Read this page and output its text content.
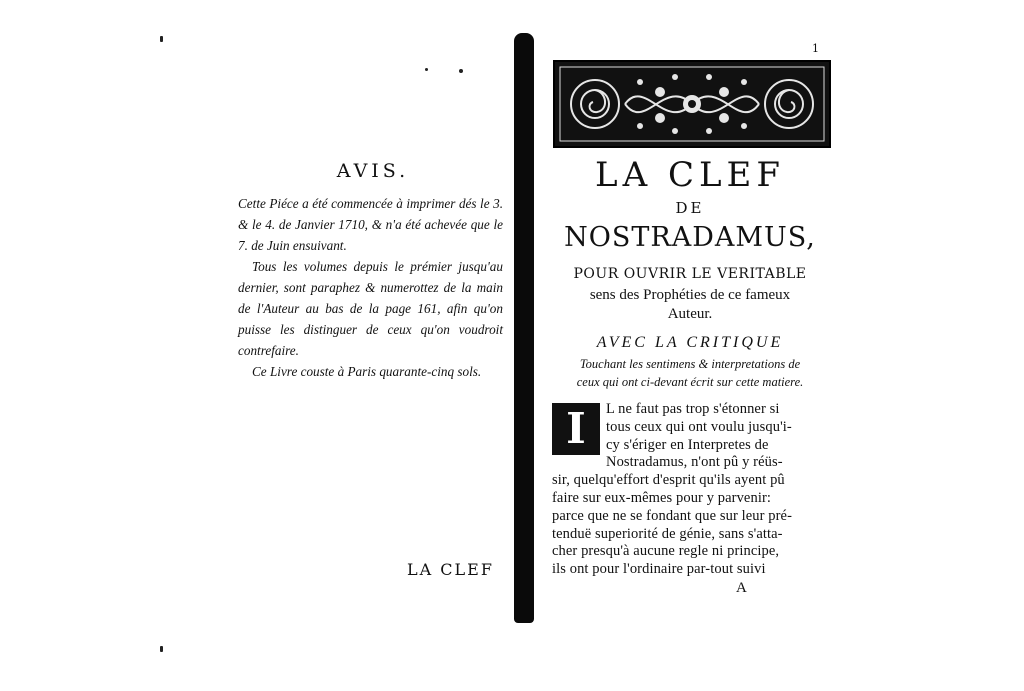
AVIS.

Cette Piéce a été commencée à imprimer dés le 3. & le 4. de Janvier 1710, & n'a été achevée que le 7. de Juin ensuivant.

Tous les volumes depuis le prémier jusqu'au dernier, sont paraphez & numerottez de la main de l'Auteur au bas de la page 161, afin qu'on puisse les distinguer de ceux qu'on voudroit contrefaire.

Ce Livre couste à Paris quarante-cinq sols.

LA CLEF
1
LA CLEF
DE
NOSTRADAMUS,
POUR OUVRIR LE VERITABLE
sens des Prophéties de ce fameux
Auteur.
AVEC LA CRITIQUE
Touchant les sentimens & interpretations de
ceux qui ont ci-devant écrit sur cette matiere.
I	L ne faut pas trop s'étonner si
tous ceux qui ont voulu jusqu'i-
cy s'ériger en Interpretes de
Nostradamus, n'ont pû y réüs-
sir, quelqu'effort d'esprit qu'ils ayent pû
faire sur eux-mêmes pour y parvenir:
parce que ne se fondant que sur leur pré-
tenduë superiorité de génie, sans s'atta-
cher presqu'à aucune regle ni principe,
ils ont pour l'ordinaire par-tout suivi
A
